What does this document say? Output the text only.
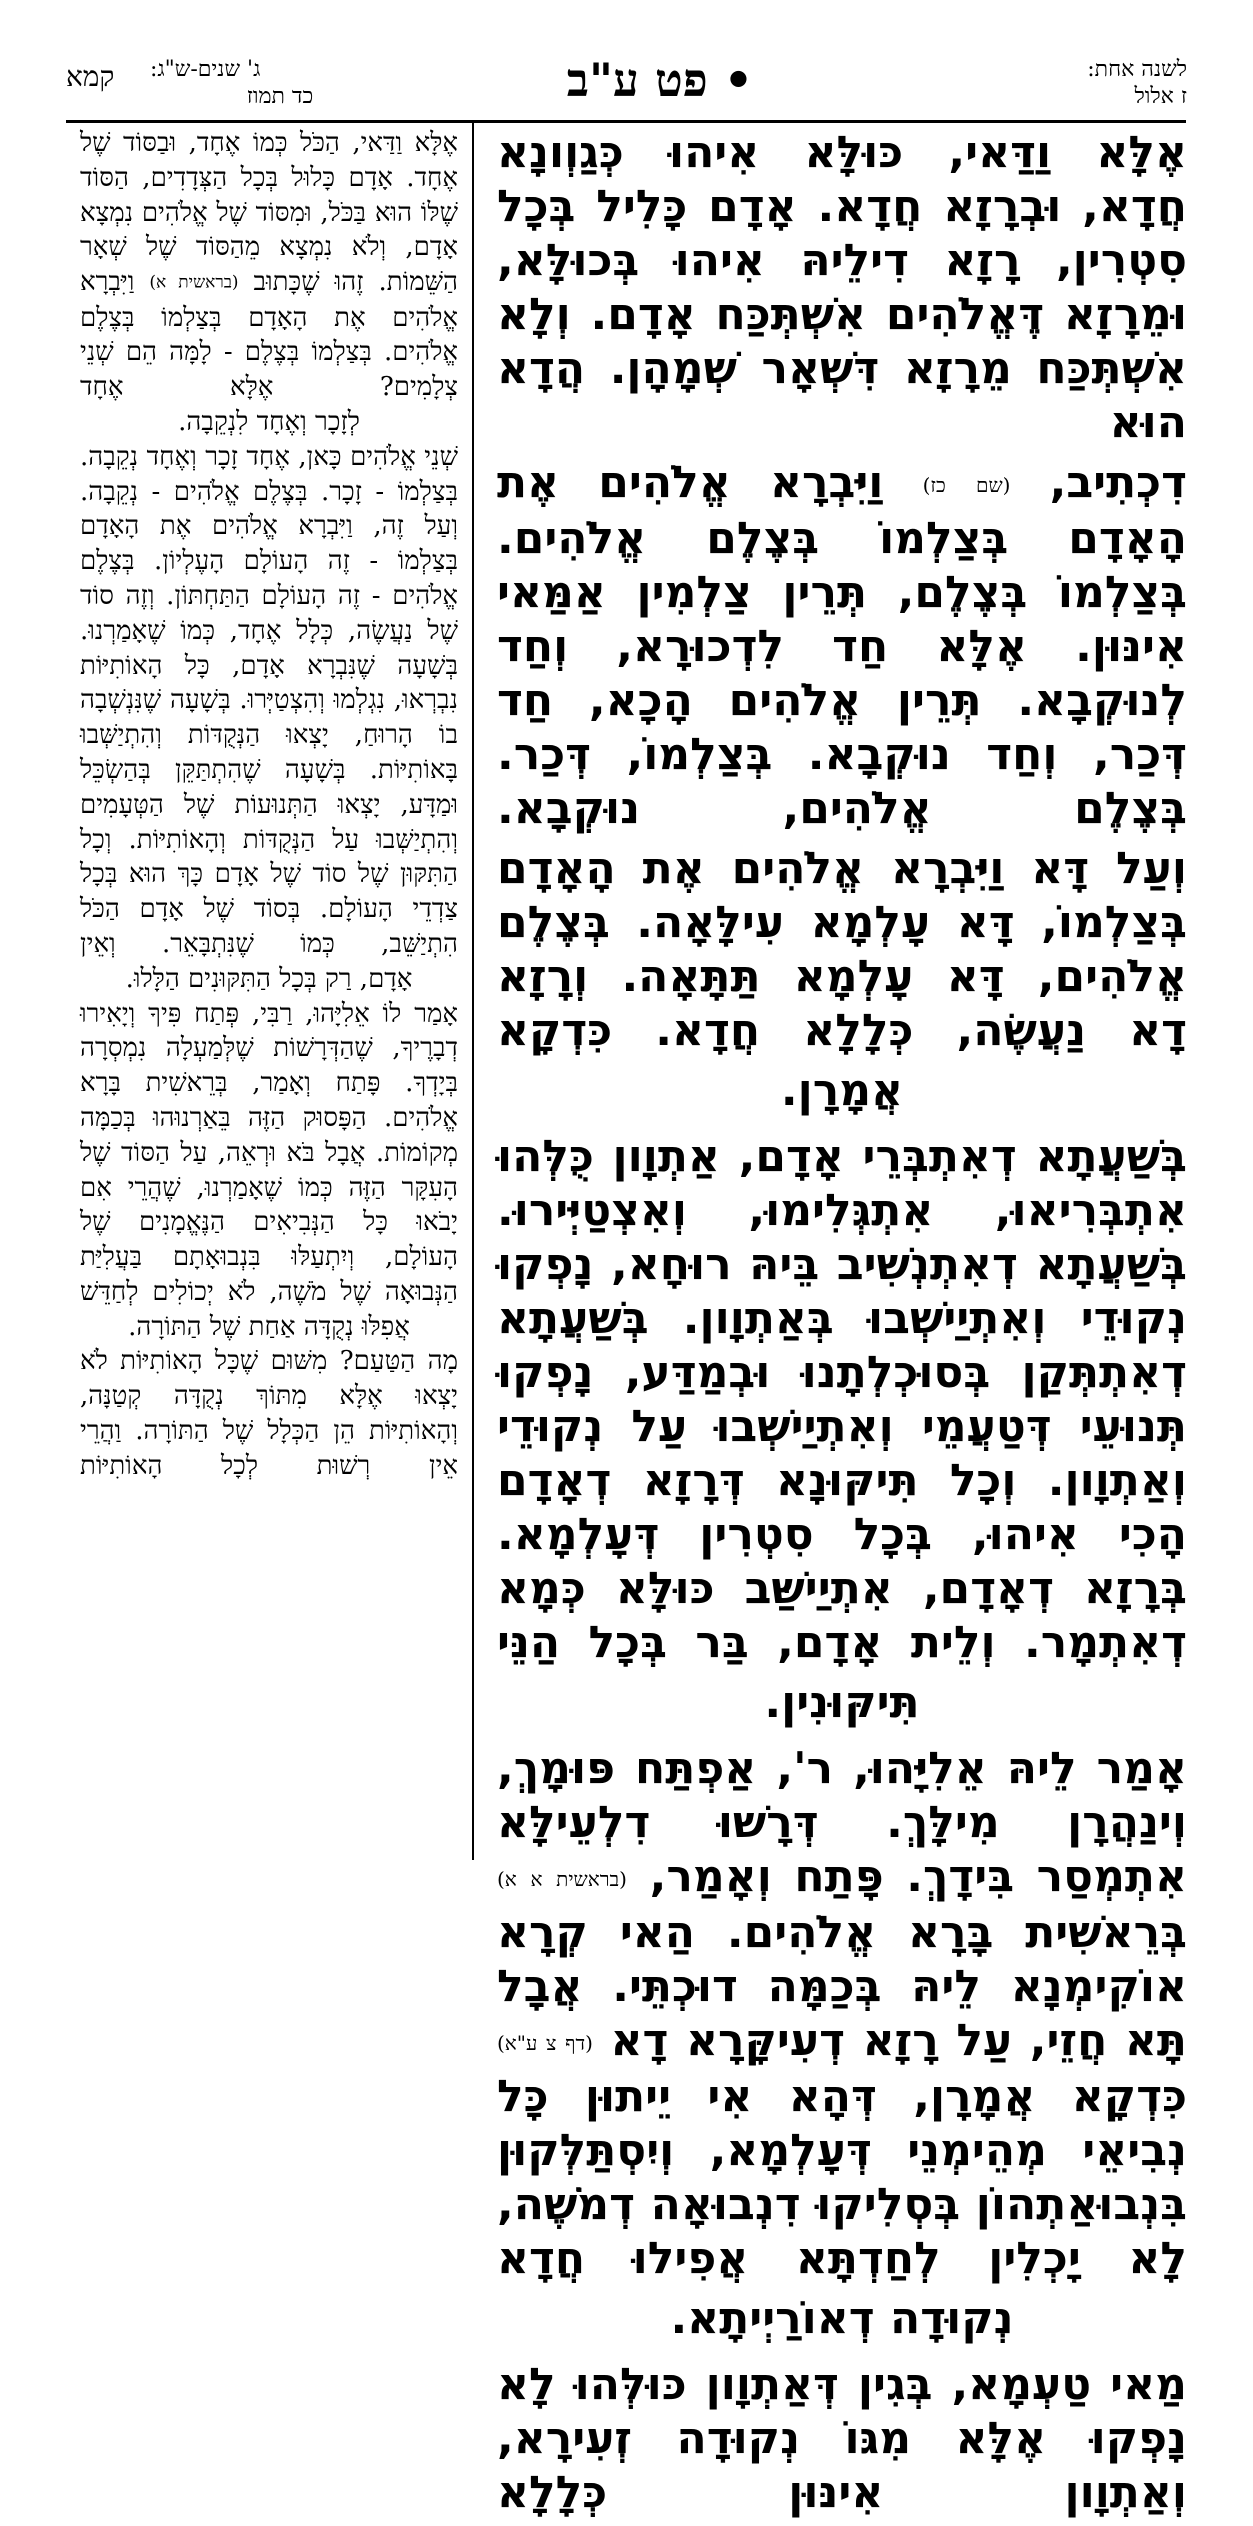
לשנה אחת:
ז אלול
• פט ע"ב
ג' שנים-ש"ג:
כד תמוז
קמא

אֶלָּא וַדַּאי, כּוּלָּא אִיהוּ כְּגַוְונָא חֲדָא, וּבְרָזָא חֲדָא. אָדָם כָּלִיל בְּכָל סִטְרִין, רָזָא דִילֵיהּ אִיהוּ בְּכוּלָּא, וּמֵרָזָא דֶּאֱלֹהִים אִשְׁתְּכַּח אָדָם. וְלָא אִשְׁתְּכַּח מֵרָזָא דִּשְׁאָר שְׁמָהָן. הֲדָא הוּא

דִכְתִיב, (שם כז) וַיִּבְרָא אֱלֹהִים אֶת הָאָדָם בְּצַלְמוֹ בְּצֶלֶם אֱלֹהִים. בְּצַלְמוֹ בְּצֶלֶם, תְּרֵין צַלְמִין אַמַּאי אִינּוּן. אֶלָּא חַד לִדְכוּרָא, וְחַד לְנוּקְבָא. תְּרֵין אֱלֹהִים הָכָא, חַד דְּכַר, וְחַד נוּקְבָא. בְּצַלְמוֹ, דְּכַר. בְּצֶלֶם אֱלֹהִים, נוּקְבָא.

וְעַל דָּא וַיִּבְרָא אֱלֹהִים אֶת הָאָדָם בְּצַלְמוֹ, דָּא עָלְמָא עִילָּאָה. בְּצֶלֶם אֱלֹהִים, דָּא עָלְמָא תַּתָּאָה. וְרָזָא דָא נַעֲשֶׂה, כְּלָלָא חֲדָא. כִּדְקָא

אֲמָרָן.

בְּשַׁעֲתָא דְאִתְבְּרֵי אָדָם, אַתְוָון כֻּלְּהוּ אִתְבְּרִיאוּ, אִתְגְּלִימוּ, וְאִצְטַיְּירוּ. בְּשַׁעֲתָא דְאִתְנְשִׁיב בֵּיהּ רוּחָא, נָפְקוּ נְקוּדֵי וְאִתְיַישְׁבוּ בְּאַתְוָון. בְּשַׁעֲתָא דְאִתְתְּקַן בְּסוּכְלְתָנוּ וּבְמַדַּע, נָפְקוּ תְּנוּעֵי דְּטַעֲמֵי וְאִתְיַישְׁבוּ עַל נְקוּדֵי וְאַתְוָון. וְכָל תִּיקּוּנָא דְּרָזָא דְאָדָם הָכִי אִיהוּ, בְּכָל סִטְרִין דְּעָלְמָא. בְּרָזָא דְאָדָם, אִתְיַישַּׁב כּוּלָּא כְּמָא דְאִתְמָר. וְלֵית אָדָם, בַּר בְּכָל הַנֵּי

תִּיקּוּנִין.

אָמַר לֵיהּ אֵלִיָּהוּ, ר', אַפְתַּח פּוּמָךְ, וְינַהֲרָן מִילָּךְ. דְּרָשׁוּ דִלְעֵילָּא אִתְמְסַר בִּידָךְ. פָּתַח וְאָמַר, (בראשית א א) בְּרֵאשִׁית בָּרָא אֱלֹהִים. הַאי קְרָא אוֹקִימְנָא לֵיהּ בְּכַמָּה דוּכְתֵּי. אֲבָל תָּא חֲזֵי, עַל רָזָא דְעִיקָּרָא דָא (דף צ ע"א) כִּדְקָא אֲמָרָן, דְּהָא אִי יֵיתוּן כָּל נְבִיאֵי מְהֵימְנֵי דְּעָלְמָא, וְיִסְתַּלְּקוּן בִּנְבוּאַתְהוֹן בְּסְלִיקוּ דִנְבוּאָה דְמֹשֶׁה, לָא יָכְלִין לְחַדְתָּא אֲפִילוּ חֲדָא

נְקוּדָה דְאוֹרַיְיתָא.

מַאי טַעְמָא, בְּגִין דְּאַתְוָון כּוּלְּהוּ לָא נָפְקוּ אֶלָּא מִגּוֹ נְקוּדָה זְעִירָא, וְאַתְוָון אִינּוּן כְּלָלָא

אֶלָּא וַדַּאי, הַכֹּל כְּמוֹ אֶחָד, וּבַסּוֹד שֶׁל אֶחָד. אָדָם כָּלוּל בְּכָל הַצְּדָדִים, הַסּוֹד שֶׁלּוֹ הוּא בַּכֹּל, וּמִסּוֹד שֶׁל אֱלֹהִים נִמְצָא אָדָם, וְלֹא נִמְצָא מֵהַסּוֹד שֶׁל שְׁאָר הַשֵּׁמוֹת. זֶהוּ שֶׁכָּתוּב (בראשית א) וַיִּבְרָא אֱלֹהִים אֶת הָאָדָם בְּצַלְמוֹ בְּצֶלֶם אֱלֹהִים. בְּצַלְמוֹ בְּצֶלֶם - לָמָּה הֵם שְׁנֵי צְלָמִים? אֶלָּא אֶחָד

לְזָכָר וְאֶחָד לִנְקֵבָה.

שְׁנֵי אֱלֹהִים כָּאן, אֶחָד זָכָר וְאֶחָד נְקֵבָה. בְּצַלְמוֹ - זָכָר. בְּצֶלֶם אֱלֹהִים - נְקֵבָה. וְעַל זֶה, וַיִּבְרָא אֱלֹהִים אֶת הָאָדָם בְּצַלְמוֹ - זֶה הָעוֹלָם הָעֶלְיוֹן. בְּצֶלֶם אֱלֹהִים - זֶה הָעוֹלָם הַתַּחְתּוֹן. וְזֶה סוֹד שֶׁל נַעֲשֶׂה, כְּלָל אֶחָד, כְּמוֹ שֶׁאָמַרְנוּ. בְּשָׁעָה שֶׁנִּבְרָא אָדָם, כָּל הָאוֹתִיּוֹת נִבְרְאוּ, נִגְלְמוּ וְהִצְטַיְּרוּ. בְּשָׁעָה שֶׁנִּנְשְׁבָה בוֹ הָרוּחַ, יָצְאוּ הַנְּקֻדּוֹת וְהִתְיַשְּׁבוּ בָּאוֹתִיּוֹת. בְּשָׁעָה שֶׁהִתְתַּקֵּן בְּהַשְׂכֵּל וּמַדָּע, יָצְאוּ הַתְּנוּעוֹת שֶׁל הַטְּעָמִים וְהִתְיַשְּׁבוּ עַל הַנְּקֻדּוֹת וְהָאוֹתִיּוֹת. וְכָל הַתִּקּוּן שֶׁל סוֹד שֶׁל אָדָם כָּךְ הוּא בְּכָל צַדְדֵי הָעוֹלָם. בְּסוֹד שֶׁל אָדָם הַכֹּל הִתְיַשֵּׁב, כְּמוֹ שֶׁנִּתְבָּאֵר. וְאֵין

אָדָם, רַק בְּכָל הַתִּקּוּנִים הַלָּלוּ.

אָמַר לוֹ אֵלִיָּהוּ, רַבִּי, פְּתַח פִּיךָ וְיָאִירוּ דְבָרֶיךָ, שֶׁהַדְּרָשׁוֹת שֶׁלְּמַעְלָה נִמְסְרָה בְּיָדְךָ. פָּתַח וְאָמַר, בְּרֵאשִׁית בָּרָא אֱלֹהִים. הַפָּסוּק הַזֶּה בֵּאַרְנוּהוּ בְּכַמָּה מְקוֹמוֹת. אֲבָל בֹּא וּרְאֵה, עַל הַסּוֹד שֶׁל הָעִקָּר הַזֶּה כְּמוֹ שֶׁאָמַרְנוּ, שֶׁהֲרֵי אִם יָבֹאוּ כָּל הַנְּבִיאִים הַנֶּאֱמָנִים שֶׁל הָעוֹלָם, וְיִתְעַלּוּ בִּנְבוּאָתָם בַּעֲלִיַּת הַנְּבוּאָה שֶׁל מֹשֶׁה, לֹא יְכוֹלִים לְחַדֵּשׁ

אֲפִלּוּ נְקֻדָּה אַחַת שֶׁל הַתּוֹרָה.

מָה הַטַּעַם? מִשּׁוּם שֶׁכָּל הָאוֹתִיּוֹת לֹא יָצְאוּ אֶלָּא מִתּוֹךְ נְקֻדָּה קְטַנָּה, וְהָאוֹתִיּוֹת הֵן הַכְּלָל שֶׁל הַתּוֹרָה. וַהֲרֵי אֵין רְשׁוּת לְכָל הָאוֹתִיּוֹת
